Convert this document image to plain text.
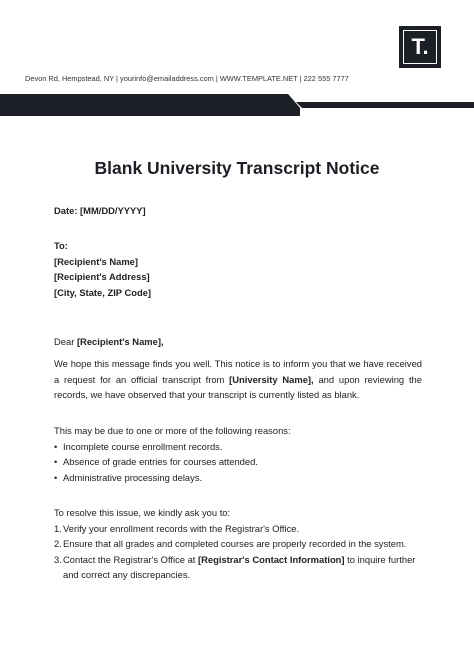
T.
Devon Rd, Hempstead, NY | yourinfo@emailaddress.com | WWW.TEMPLATE.NET | 222 555 7777
Blank University Transcript Notice
Date: [MM/DD/YYYY]
To:
[Recipient's Name]
[Recipient's Address]
[City, State, ZIP Code]
Dear [Recipient's Name],
We hope this message finds you well. This notice is to inform you that we have received a request for an official transcript from [University Name], and upon reviewing the records, we have observed that your transcript is currently listed as blank.
This may be due to one or more of the following reasons:
• Incomplete course enrollment records.
• Absence of grade entries for courses attended.
• Administrative processing delays.
To resolve this issue, we kindly ask you to:
1. Verify your enrollment records with the Registrar's Office.
2. Ensure that all grades and completed courses are properly recorded in the system.
3. Contact the Registrar's Office at [Registrar's Contact Information] to inquire further
and correct any discrepancies.
